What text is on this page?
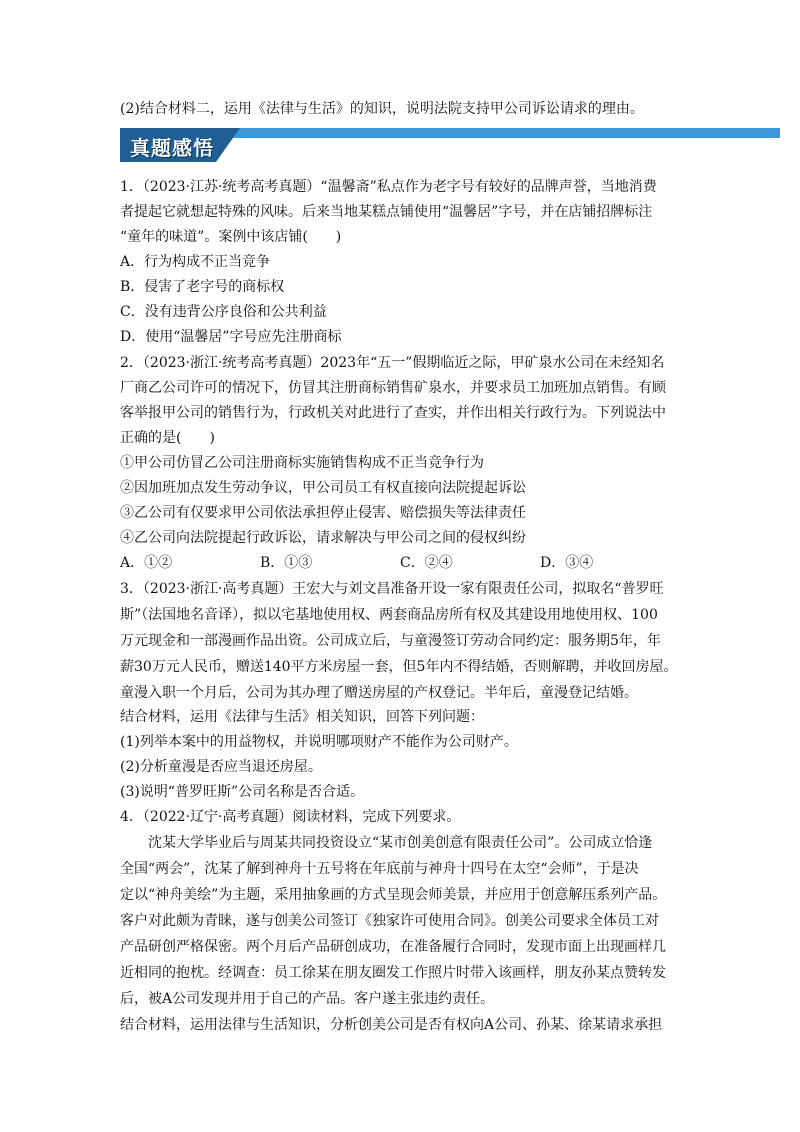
(2)结合材料二，运用《法律与生活》的知识，说明法院支持甲公司诉讼请求的理由。
真题感悟
1．（2023·江苏·统考高考真题）“温馨斋”私点作为老字号有较好的品牌声誉，当地消费
者提起它就想起特殊的风味。后来当地某糕点铺使用“温馨居”字号，并在店铺招牌标注
“童年的味道”。案例中该店铺(　　)
A．行为构成不正当竞争
B．侵害了老字号的商标权
C．没有违背公序良俗和公共利益
D．使用“温馨居”字号应先注册商标
2．（2023·浙江·统考高考真题）2023年“五一”假期临近之际，甲矿泉水公司在未经知名
厂商乙公司许可的情况下，仿冒其注册商标销售矿泉水，并要求员工加班加点销售。有顾
客举报甲公司的销售行为，行政机关对此进行了查实，并作出相关行政行为。下列说法中
正确的是(　　)
①甲公司仿冒乙公司注册商标实施销售构成不正当竞争行为
②因加班加点发生劳动争议，甲公司员工有权直接向法院提起诉讼
③乙公司有仅要求甲公司依法承担停止侵害、赔偿损失等法律责任
④乙公司向法院提起行政诉讼，请求解决与甲公司之间的侵权纠纷
A．①②	B．①③	C．②④	D．③④
3．（2023·浙江·高考真题）王宏大与刘文昌准备开设一家有限责任公司，拟取名“普罗旺
斯”（法国地名音译），拟以宅基地使用权、两套商品房所有权及其建设用地使用权、100
万元现金和一部漫画作品出资。公司成立后，与童漫签订劳动合同约定：服务期5年，年
薪30万元人民币，赠送140平方米房屋一套，但5年内不得结婚，否则解聘，并收回房屋。
童漫入职一个月后，公司为其办理了赠送房屋的产权登记。半年后，童漫登记结婚。
结合材料，运用《法律与生活》相关知识，回答下列问题：
(1)列举本案中的用益物权，并说明哪项财产不能作为公司财产。
(2)分析童漫是否应当退还房屋。
(3)说明“普罗旺斯”公司名称是否合适。
4．（2022·辽宁·高考真题）阅读材料，完成下列要求。
沈某大学毕业后与周某共同投资设立“某市创美创意有限责任公司”。公司成立恰逢
全国“两会”，沈某了解到神舟十五号将在年底前与神舟十四号在太空“会师”，于是决
定以“神舟美绘”为主题，采用抽象画的方式呈现会师美景，并应用于创意解压系列产品。
客户对此颇为青睐，遂与创美公司签订《独家许可使用合同》。创美公司要求全体员工对
产品研创严格保密。两个月后产品研创成功，在准备履行合同时，发现市面上出现画样几
近相同的抱枕。经调查：员工徐某在朋友圈发工作照片时带入该画样，朋友孙某点赞转发
后，被A公司发现并用于自己的产品。客户遂主张违约责任。
结合材料，运用法律与生活知识，分析创美公司是否有权向A公司、孙某、徐某请求承担
